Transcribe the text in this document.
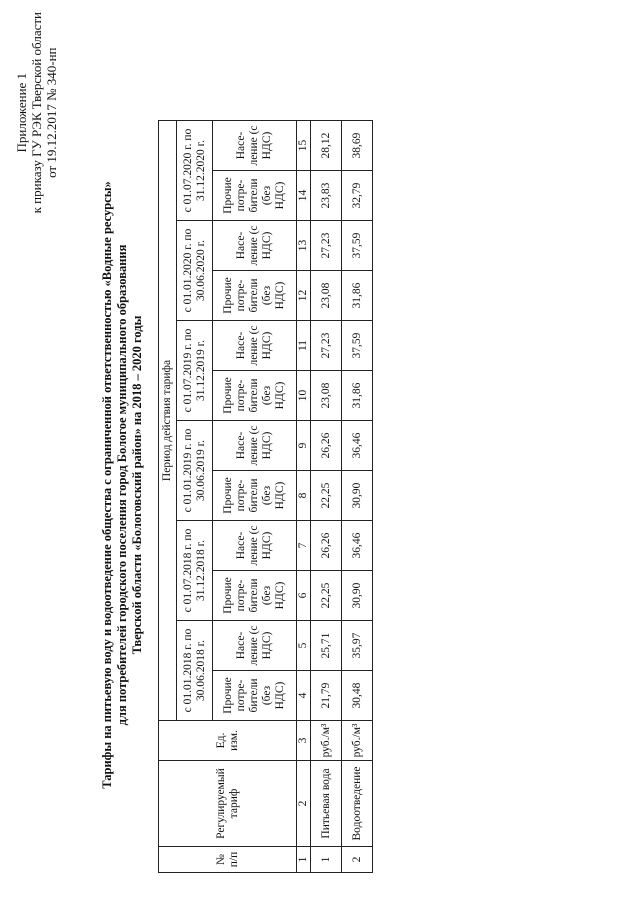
Приложение 1 к приказу ГУ РЭК Тверской области от 19.12.2017 № 340-нп
Тарифы на питьевую воду и водоотведение общества с ограниченной ответственностью «Водные ресурсы» для потребителей городского поселения город Бологое муниципального образования Тверской области «Бологовский район» на 2018 – 2020 годы
№ п/п	Регулируемый тариф	Ед. изм.	Период действия тарифа											
			с 01.01.2018 г. по 30.06.2018 г.		с 01.07.2018 г. по 31.12.2018 г.		с 01.01.2019 г. по 30.06.2019 г.		с 01.07.2019 г. по 31.12.2019 г.		с 01.01.2020 г. по 30.06.2020 г.		с 01.07.2020 г. по 31.12.2020 г.	
			Прочие потре- бители (без НДС)	Насе- ление (с НДС)	Прочие потре- бители (без НДС)	Насе- ление (с НДС)	Прочие потре- бители (без НДС)	Насе- ление (с НДС)	Прочие потре- бители (без НДС)	Насе- ление (с НДС)	Прочие потре- бители (без НДС)	Насе- ление (с НДС)	Прочие потре- бители (без НДС)	Насе- ление (с НДС)
1	2	3	4	5	6	7	8	9	10	11	12	13	14	15
1	Питьевая вода	руб./м³	21,79	25,71	22,25	26,26	22,25	26,26	23,08	27,23	23,08	27,23	23,83	28,12
2	Водоотведение	руб./м³	30,48	35,97	30,90	36,46	30,90	36,46	31,86	37,59	31,86	37,59	32,79	38,69
